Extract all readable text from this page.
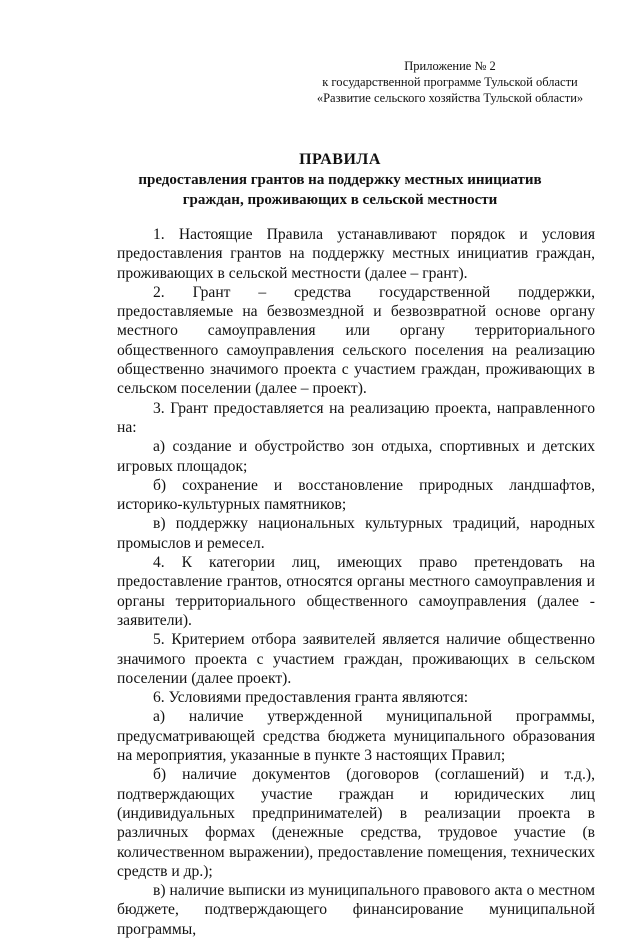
Приложение № 2
к государственной программе Тульской области
«Развитие сельского хозяйства Тульской области»
ПРАВИЛА
предоставления грантов на поддержку местных инициатив
граждан, проживающих в сельской местности

1. Настоящие Правила устанавливают порядок и условия предоставления грантов на поддержку местных инициатив граждан, проживающих в сельской местности (далее – грант).

2. Грант – средства государственной поддержки, предоставляемые на безвозмездной и безвозвратной основе органу местного самоуправления или органу территориального общественного самоуправления сельского поселения на реализацию общественно значимого проекта с участием граждан, проживающих в сельском поселении (далее – проект).

3. Грант предоставляется на реализацию проекта, направленного на:

а) создание и обустройство зон отдыха, спортивных и детских игровых площадок;

б) сохранение и восстановление природных ландшафтов, историко-культурных памятников;

в) поддержку национальных культурных традиций, народных промыслов и ремесел.

4. К категории лиц, имеющих право претендовать на предоставление грантов, относятся органы местного самоуправления и органы территориального общественного самоуправления (далее - заявители).

5. Критерием отбора заявителей является наличие общественно значимого проекта с участием граждан, проживающих в сельском поселении (далее проект).

6. Условиями предоставления гранта являются:

а) наличие утвержденной муниципальной программы, предусматривающей средства бюджета муниципального образования на мероприятия, указанные в пункте 3 настоящих Правил;

б) наличие документов (договоров (соглашений) и т.д.), подтверждающих участие граждан и юридических лиц (индивидуальных предпринимателей) в реализации проекта в различных формах (денежные средства, трудовое участие (в количественном выражении), предоставление помещения, технических средств и др.);

в) наличие выписки из муниципального правового акта о местном бюджете, подтверждающего финансирование муниципальной программы,
